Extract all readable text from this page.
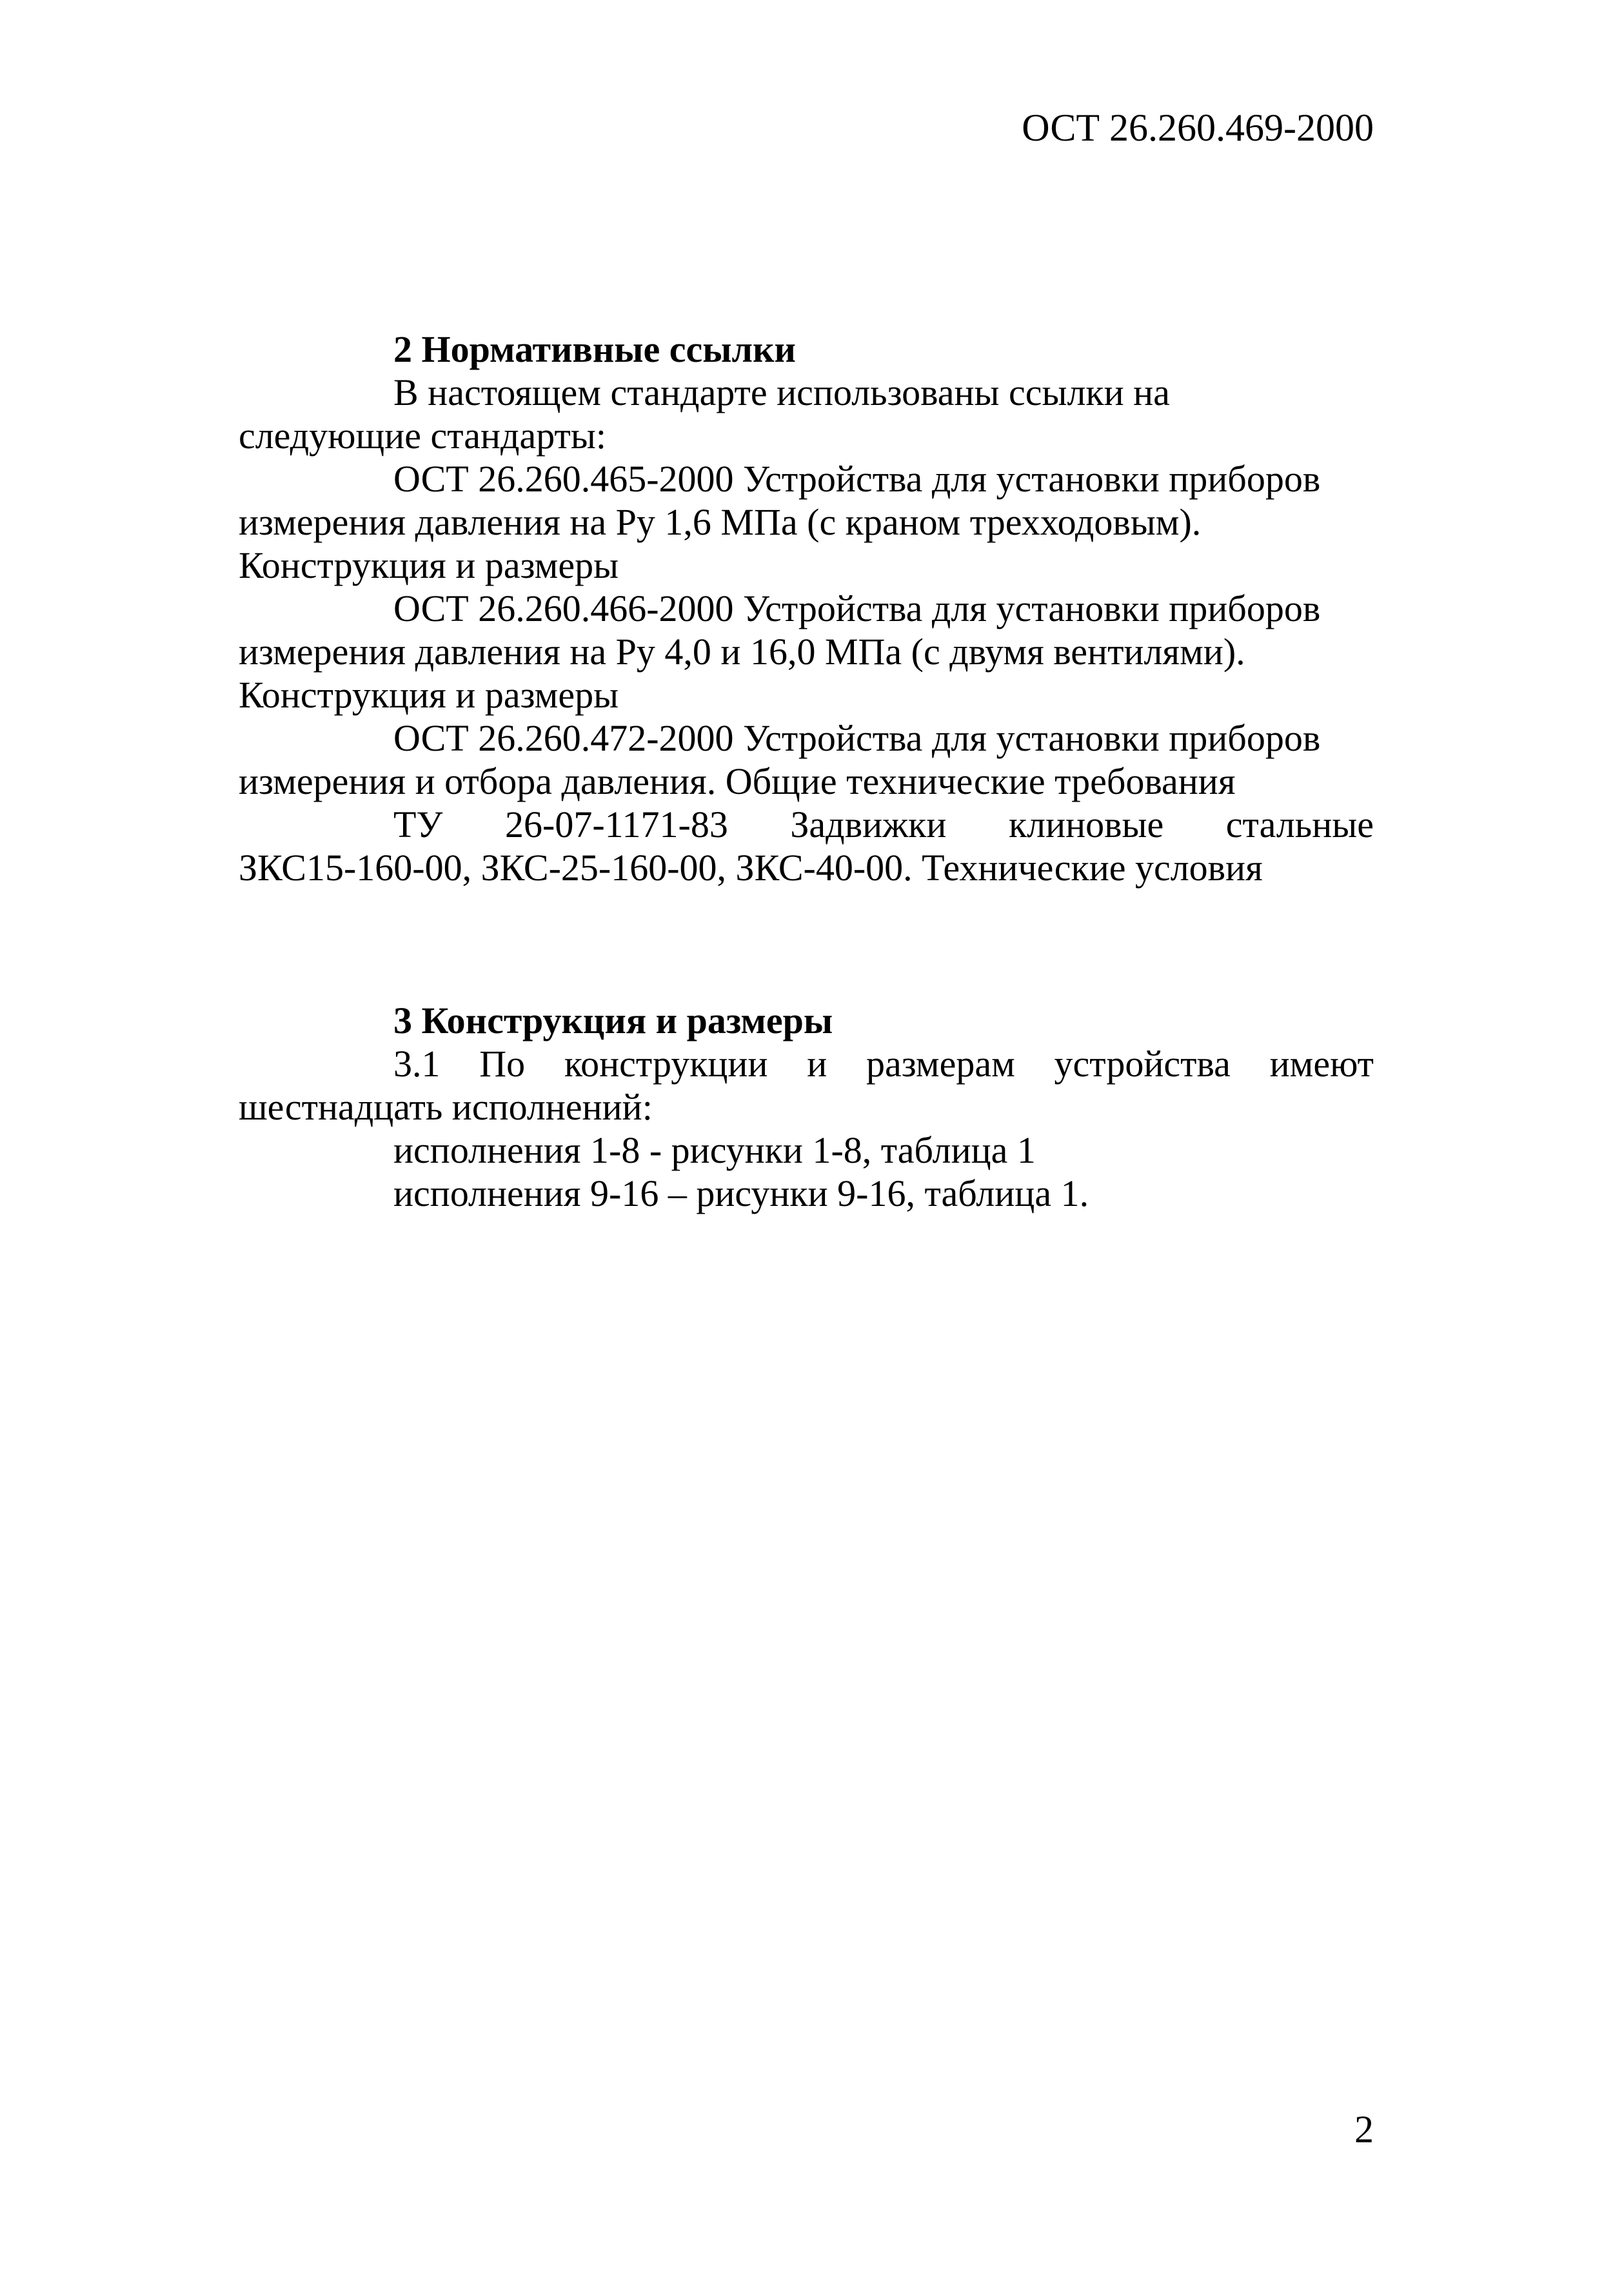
ОСТ 26.260.469-2000
2 Нормативные ссылки
В настоящем стандарте использованы ссылки на
следующие стандарты:
ОСТ 26.260.465-2000 Устройства для установки приборов
измерения давления на Ру 1,6 МПа (с краном трехходовым).
Конструкция и размеры
ОСТ 26.260.466-2000 Устройства для установки приборов
измерения давления на Ру 4,0 и 16,0 МПа (с двумя вентилями).
Конструкция и размеры
ОСТ 26.260.472-2000 Устройства для установки приборов
измерения и отбора давления. Общие технические требования
ТУ 26-07-1171-83 Задвижки клиновые стальные
ЗКС15-160-00, ЗКС-25-160-00, ЗКС-40-00. Технические условия
3 Конструкция и размеры
3.1 По конструкции и размерам устройства имеют
шестнадцать исполнений:
исполнения 1-8 - рисунки 1-8, таблица 1
исполнения 9-16 – рисунки 9-16, таблица 1.
2
